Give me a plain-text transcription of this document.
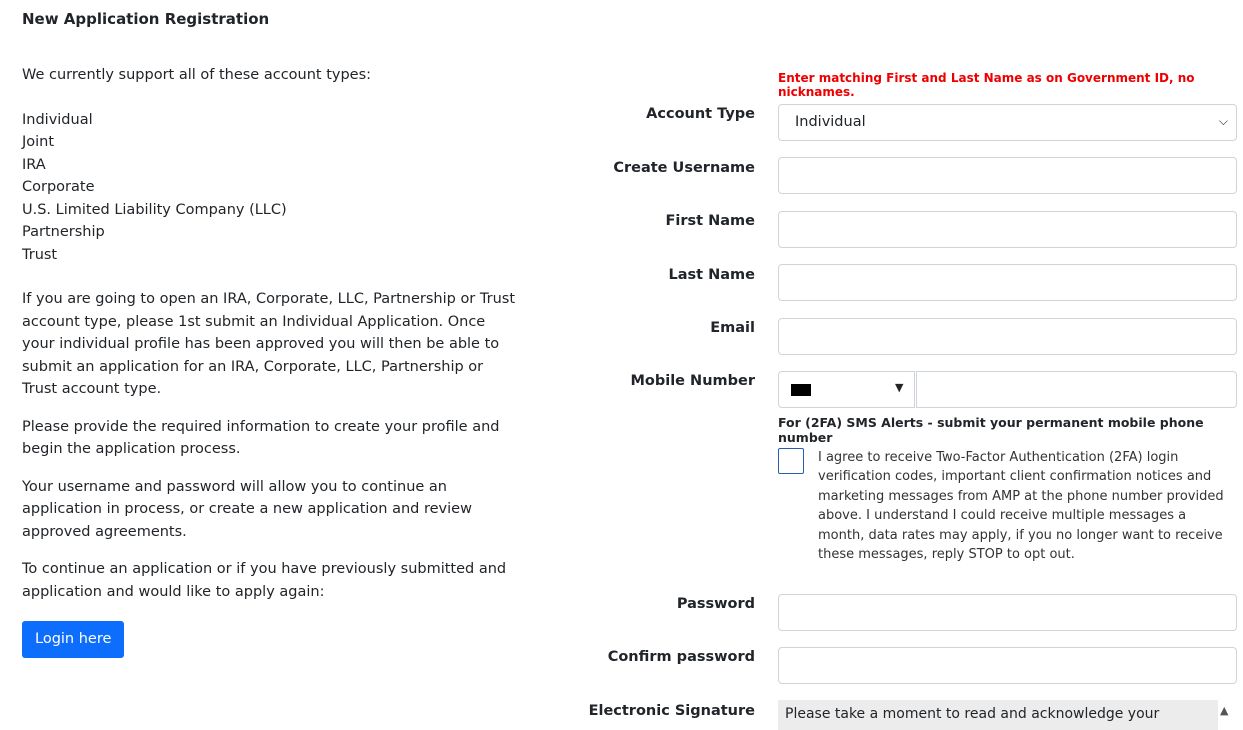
New Application Registration

We currently support all of these account types:

Individual
Joint
IRA
Corporate
U.S. Limited Liability Company (LLC)
Partnership
Trust

If you are going to open an IRA, Corporate, LLC, Partnership or Trust account type, please 1st submit an Individual Application. Once your individual profile has been approved you will then be able to submit an application for an IRA, Corporate, LLC, Partnership or Trust account type.

Please provide the required information to create your profile and begin the application process.

Your username and password will allow you to continue an application in process, or create a new application and review approved agreements.

To continue an application or if you have previously submitted and application and would like to apply again:

Login here
Enter matching First and Last Name as on Government ID, no nicknames.
Account Type	Individual	⌵
Create Username
First Name
Last Name
Email
Mobile Number	▼
For (2FA) SMS Alerts - submit your permanent mobile phone number
I agree to receive Two-Factor Authentication (2FA) login verification codes, important client confirmation notices and marketing messages from AMP at the phone number provided above. I understand I could receive multiple messages a month, data rates may apply, if you no longer want to receive these messages, reply STOP to opt out.
Password
Confirm password
Electronic Signature	Please take a moment to read and acknowledge your	▲
